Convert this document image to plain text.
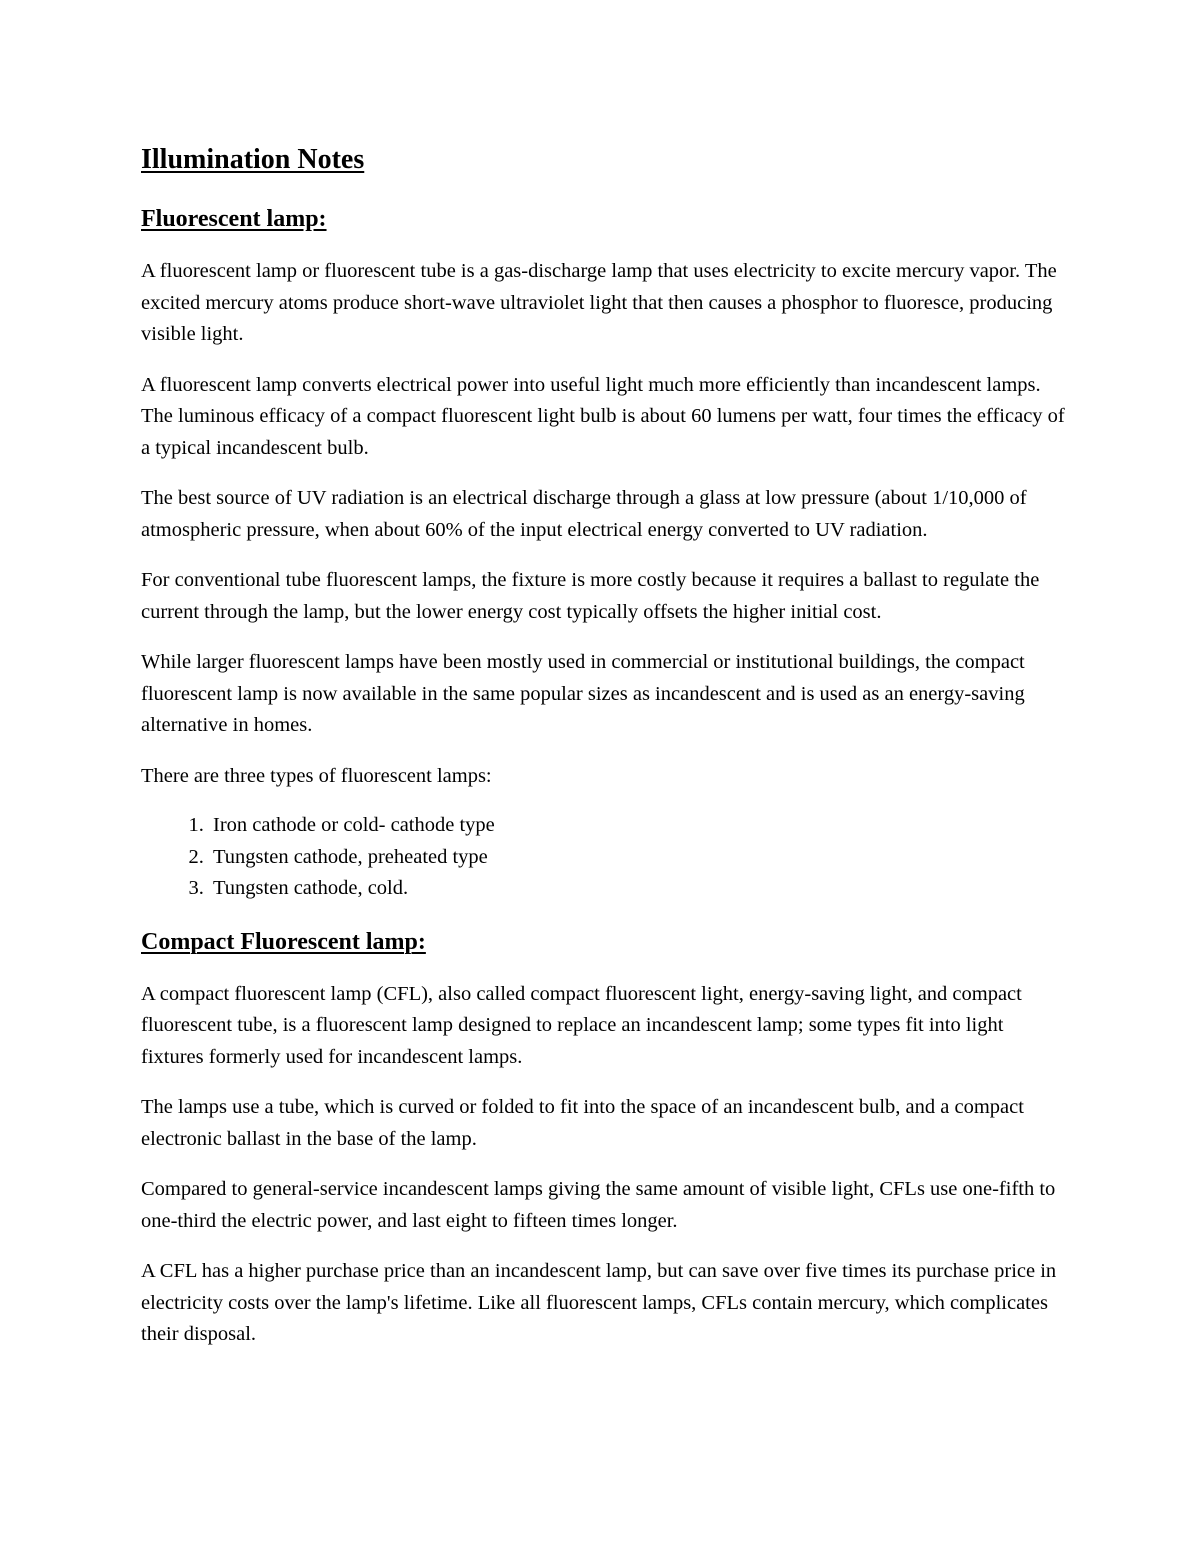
Illumination Notes
Fluorescent lamp:

A fluorescent lamp or fluorescent tube is a gas-discharge lamp that uses electricity to excite mercury vapor. The excited mercury atoms produce short-wave ultraviolet light that then causes a phosphor to fluoresce, producing visible light.

A fluorescent lamp converts electrical power into useful light much more efficiently than incandescent lamps. The luminous efficacy of a compact fluorescent light bulb is about 60 lumens per watt, four times the efficacy of a typical incandescent bulb.

The best source of UV radiation is an electrical discharge through a glass at low pressure (about 1/10,000 of atmospheric pressure, when about 60% of the input electrical energy converted to UV radiation.

For conventional tube fluorescent lamps, the fixture is more costly because it requires a ballast to regulate the current through the lamp, but the lower energy cost typically offsets the higher initial cost.

While larger fluorescent lamps have been mostly used in commercial or institutional buildings, the compact fluorescent lamp is now available in the same popular sizes as incandescent and is used as an energy-saving alternative in homes.

There are three types of fluorescent lamps:

1. Iron cathode or cold- cathode type
2. Tungsten cathode, preheated type
3. Tungsten cathode, cold.
Compact Fluorescent lamp:

A compact fluorescent lamp (CFL), also called compact fluorescent light, energy-saving light, and compact fluorescent tube, is a fluorescent lamp designed to replace an incandescent lamp; some types fit into light fixtures formerly used for incandescent lamps.

The lamps use a tube, which is curved or folded to fit into the space of an incandescent bulb, and a compact electronic ballast in the base of the lamp.

Compared to general-service incandescent lamps giving the same amount of visible light, CFLs use one-fifth to one-third the electric power, and last eight to fifteen times longer.

A CFL has a higher purchase price than an incandescent lamp, but can save over five times its purchase price in electricity costs over the lamp's lifetime. Like all fluorescent lamps, CFLs contain mercury, which complicates their disposal.
